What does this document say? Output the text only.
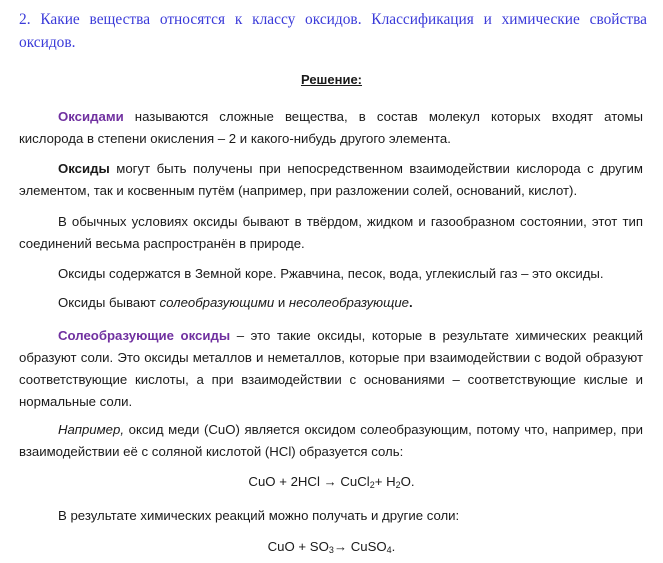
2. Какие вещества относятся к классу оксидов. Классификация и химические свойства оксидов.
Решение:

Оксидами называются сложные вещества, в состав молекул которых входят атомы кислорода в степени окисления – 2 и какого-нибудь другого элемента.

Оксиды могут быть получены при непосредственном взаимодействии кислорода с другим элементом, так и косвенным путём (например, при разложении солей, оснований, кислот).

В обычных условиях оксиды бывают в твёрдом, жидком и газообразном состоянии, этот тип соединений весьма распространён в природе.

Оксиды содержатся в Земной коре. Ржавчина, песок, вода, углекислый газ – это оксиды.

Оксиды бывают солеобразующими и несолеобразующие.

Солеобразующие оксиды – это такие оксиды, которые в результате химических реакций образуют соли. Это оксиды металлов и неметаллов, которые при взаимодействии с водой образуют соответствующие кислоты, а при взаимодействии с основаниями – соответствующие кислые и нормальные соли.

Например, оксид меди (CuO) является оксидом солеобразующим, потому что, например, при взаимодействии её с соляной кислотой (HCl) образуется соль:

CuO + 2HCl → CuCl$_2$+ $H_2O$.

В результате химических реакций можно получать и другие соли:

CuO + $SO_3\to$ CuSO$_4$.
